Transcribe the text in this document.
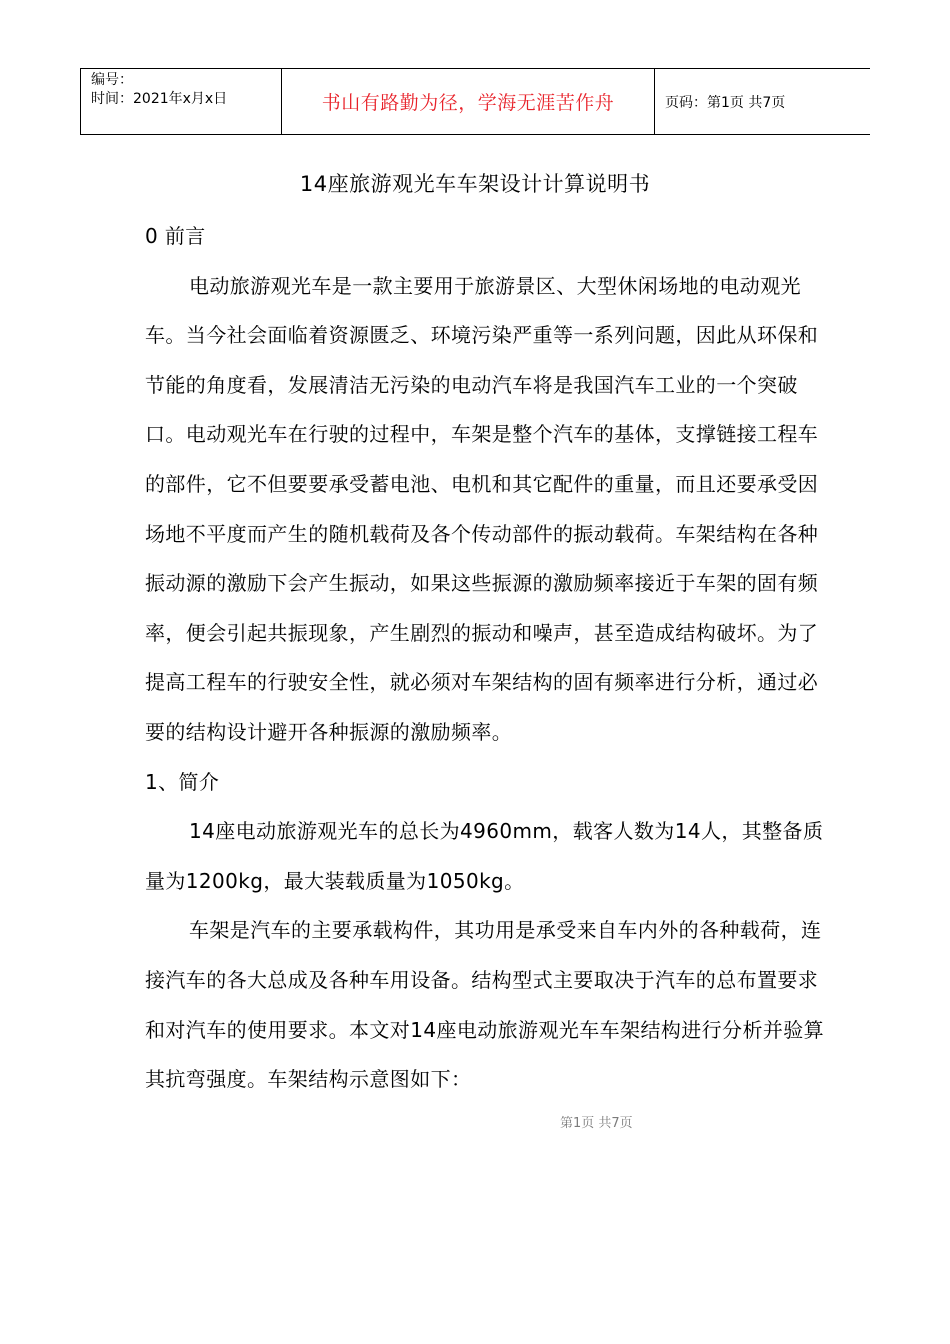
编号：
时间：2021年x月x日	书山有路勤为径，学海无涯苦作舟	页码：第1页 共7页
14座旅游观光车车架设计计算说明书

0 前言

电动旅游观光车是一款主要用于旅游景区、大型休闲场地的电动观光车。当今社会面临着资源匮乏、环境污染严重等一系列问题，因此从环保和节能的角度看，发展清洁无污染的电动汽车将是我国汽车工业的一个突破口。电动观光车在行驶的过程中，车架是整个汽车的基体，支撑链接工程车的部件，它不但要要承受蓄电池、电机和其它配件的重量，而且还要承受因场地不平度而产生的随机载荷及各个传动部件的振动载荷。车架结构在各种振动源的激励下会产生振动，如果这些振源的激励频率接近于车架的固有频率，便会引起共振现象，产生剧烈的振动和噪声，甚至造成结构破坏。为了提高工程车的行驶安全性，就必须对车架结构的固有频率进行分析，通过必要的结构设计避开各种振源的激励频率。

1、简介

14座电动旅游观光车的总长为4960mm，载客人数为14人，其整备质量为1200kg，最大装载质量为1050kg。

车架是汽车的主要承载构件，其功用是承受来自车内外的各种载荷，连接汽车的各大总成及各种车用设备。结构型式主要取决于汽车的总布置要求和对汽车的使用要求。本文对14座电动旅游观光车车架结构进行分析并验算其抗弯强度。车架结构示意图如下：

第1页 共7页
